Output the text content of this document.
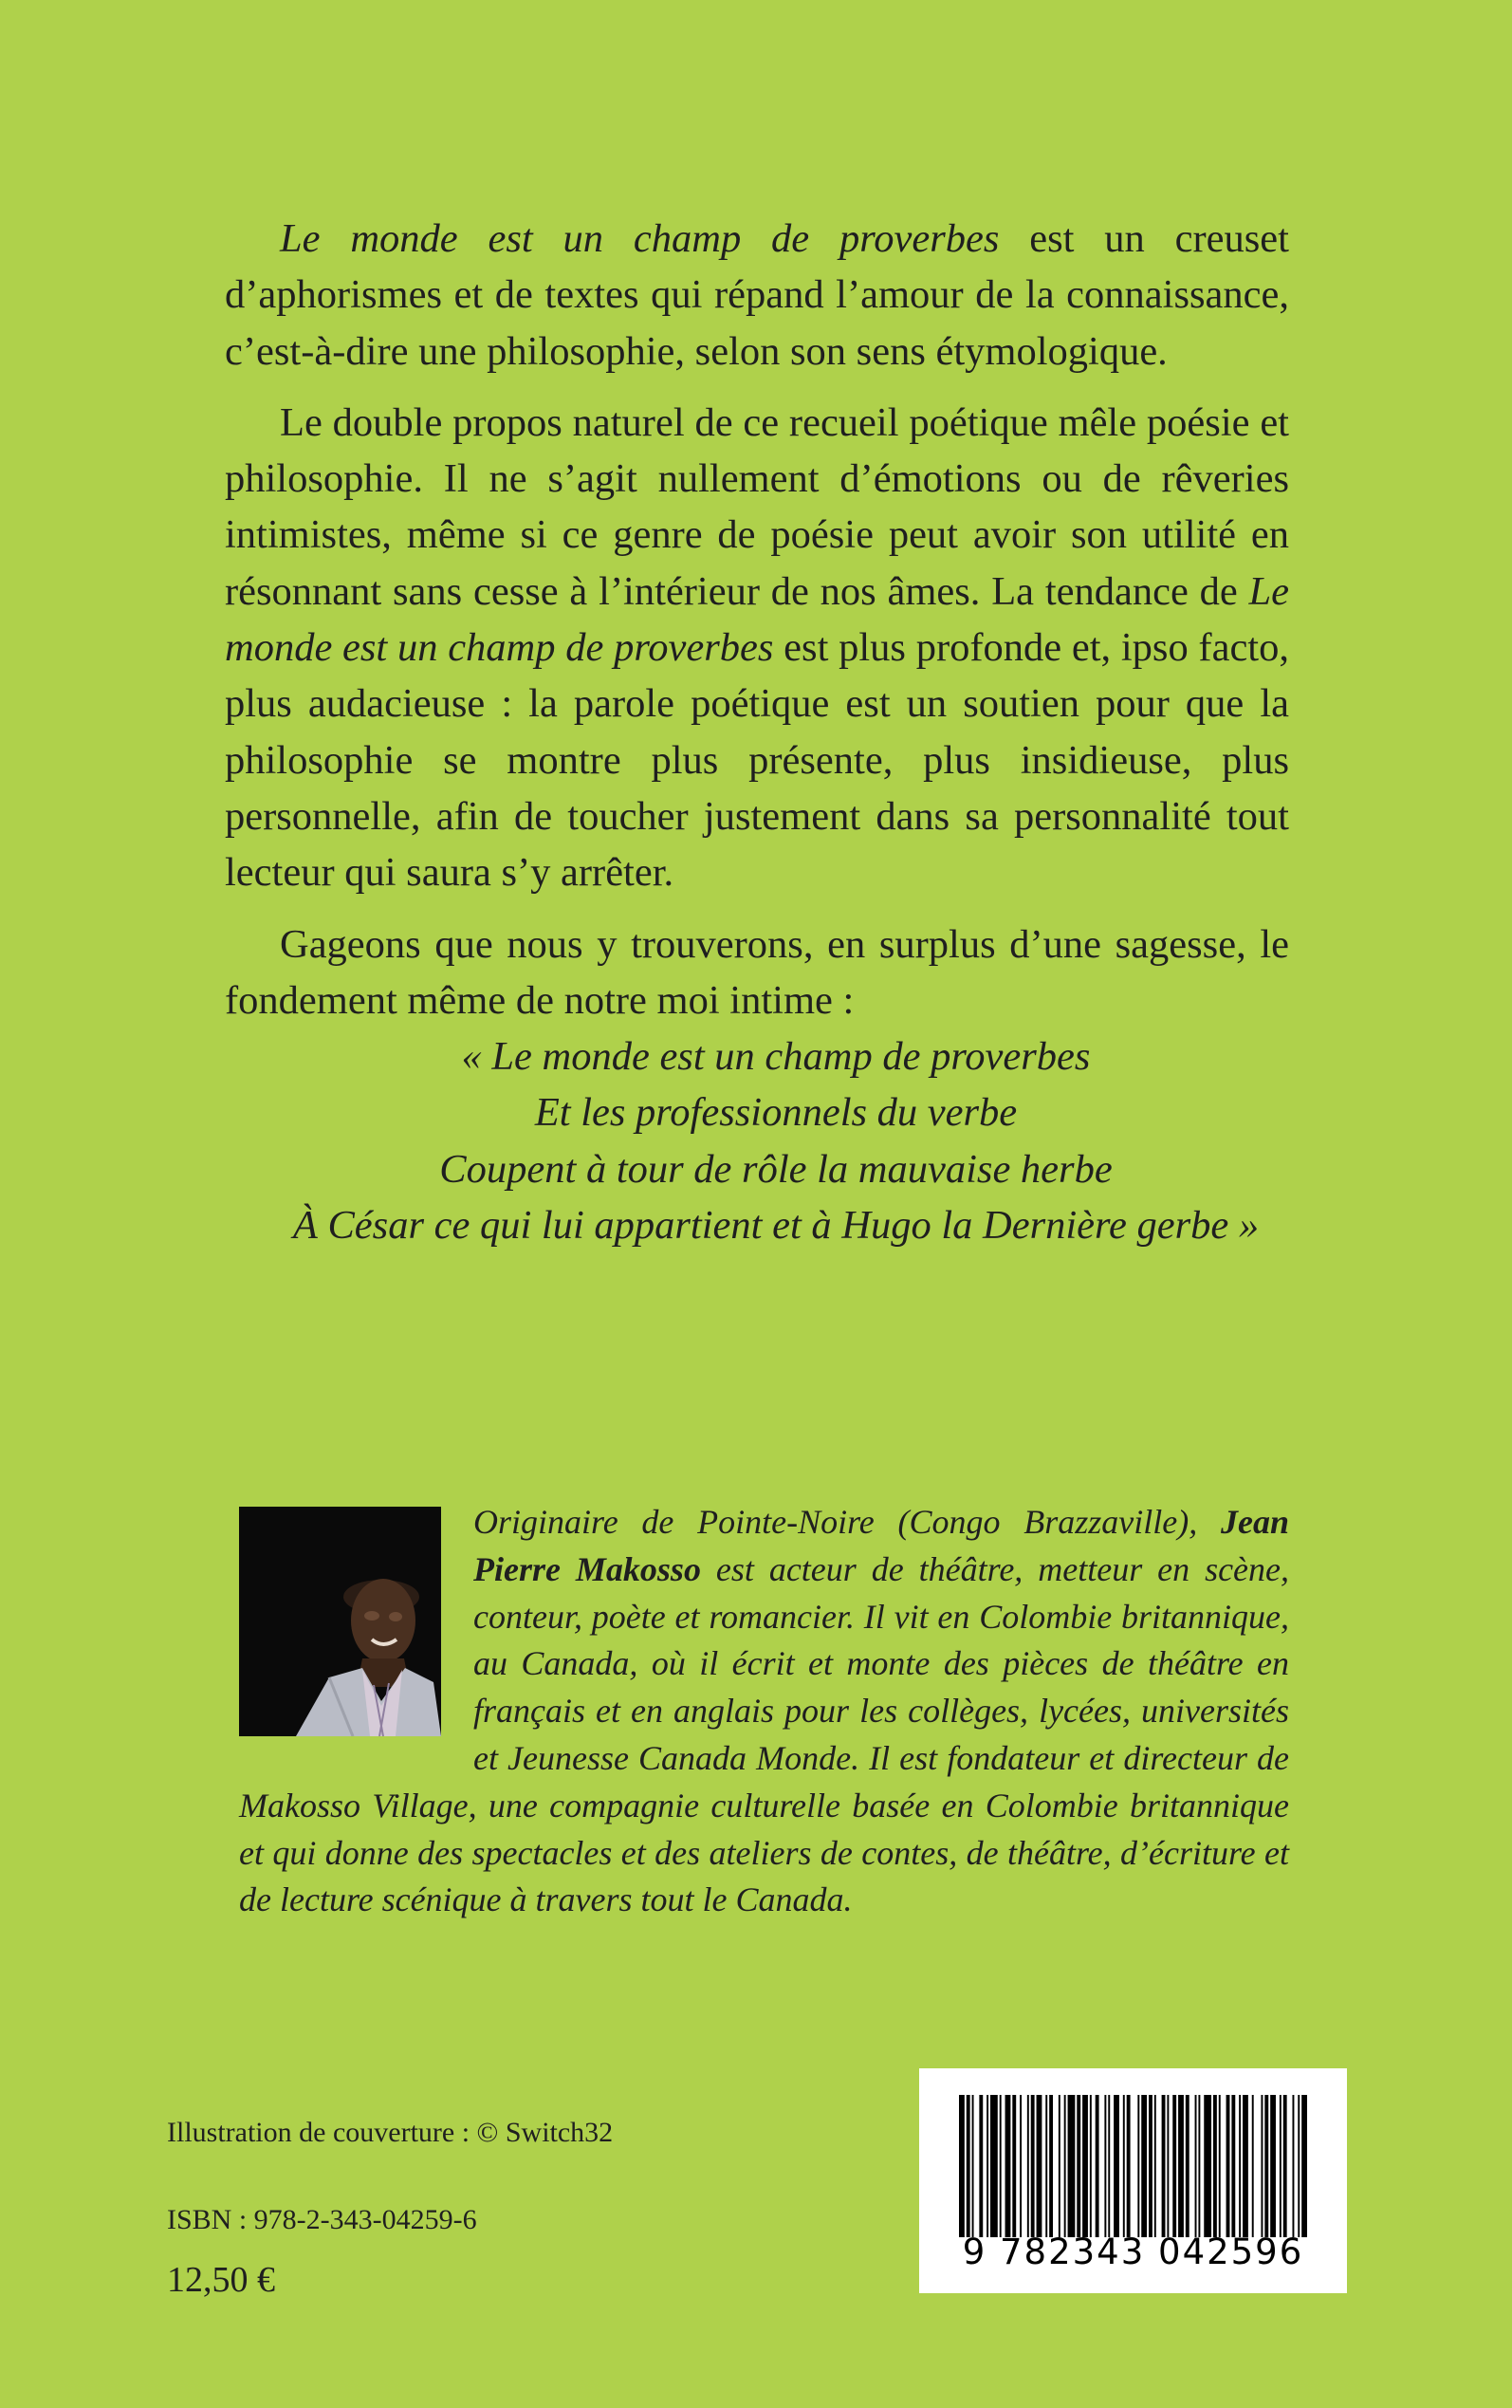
Le monde est un champ de proverbes est un creuset d’aphorismes et de textes qui répand l’amour de la connaissance, c’est-à-dire une philosophie, selon son sens étymologique.

Le double propos naturel de ce recueil poétique mêle poésie et philosophie. Il ne s’agit nullement d’émotions ou de rêveries intimistes, même si ce genre de poésie peut avoir son utilité en résonnant sans cesse à l’intérieur de nos âmes. La tendance de Le monde est un champ de proverbes est plus profonde et, ipso facto, plus audacieuse : la parole poétique est un soutien pour que la philosophie se montre plus présente, plus insidieuse, plus personnelle, afin de toucher justement dans sa personnalité tout lecteur qui saura s’y arrêter.

Gageons que nous y trouverons, en surplus d’une sagesse, le fondement même de notre moi intime :

« Le monde est un champ de proverbes
Et les professionnels du verbe
Coupent à tour de rôle la mauvaise herbe
À César ce qui lui appartient et à Hugo la Dernière gerbe »
Originaire de Pointe-Noire (Congo Brazzaville), Jean Pierre Makosso est acteur de théâtre, metteur en scène, conteur, poète et romancier. Il vit en Colombie britannique, au Canada, où il écrit et monte des pièces de théâtre en français et en anglais pour les collèges, lycées, universités et Jeunesse Canada Monde. Il est fondateur et directeur de Makosso Village, une compagnie culturelle basée en Colombie britannique et qui donne des spectacles et des ateliers de contes, de théâtre, d’écriture et de lecture scénique à travers tout le Canada.
Illustration de couverture : © Switch32
ISBN : 978-2-343-04259-6
12,50 €
9 782343 042596
